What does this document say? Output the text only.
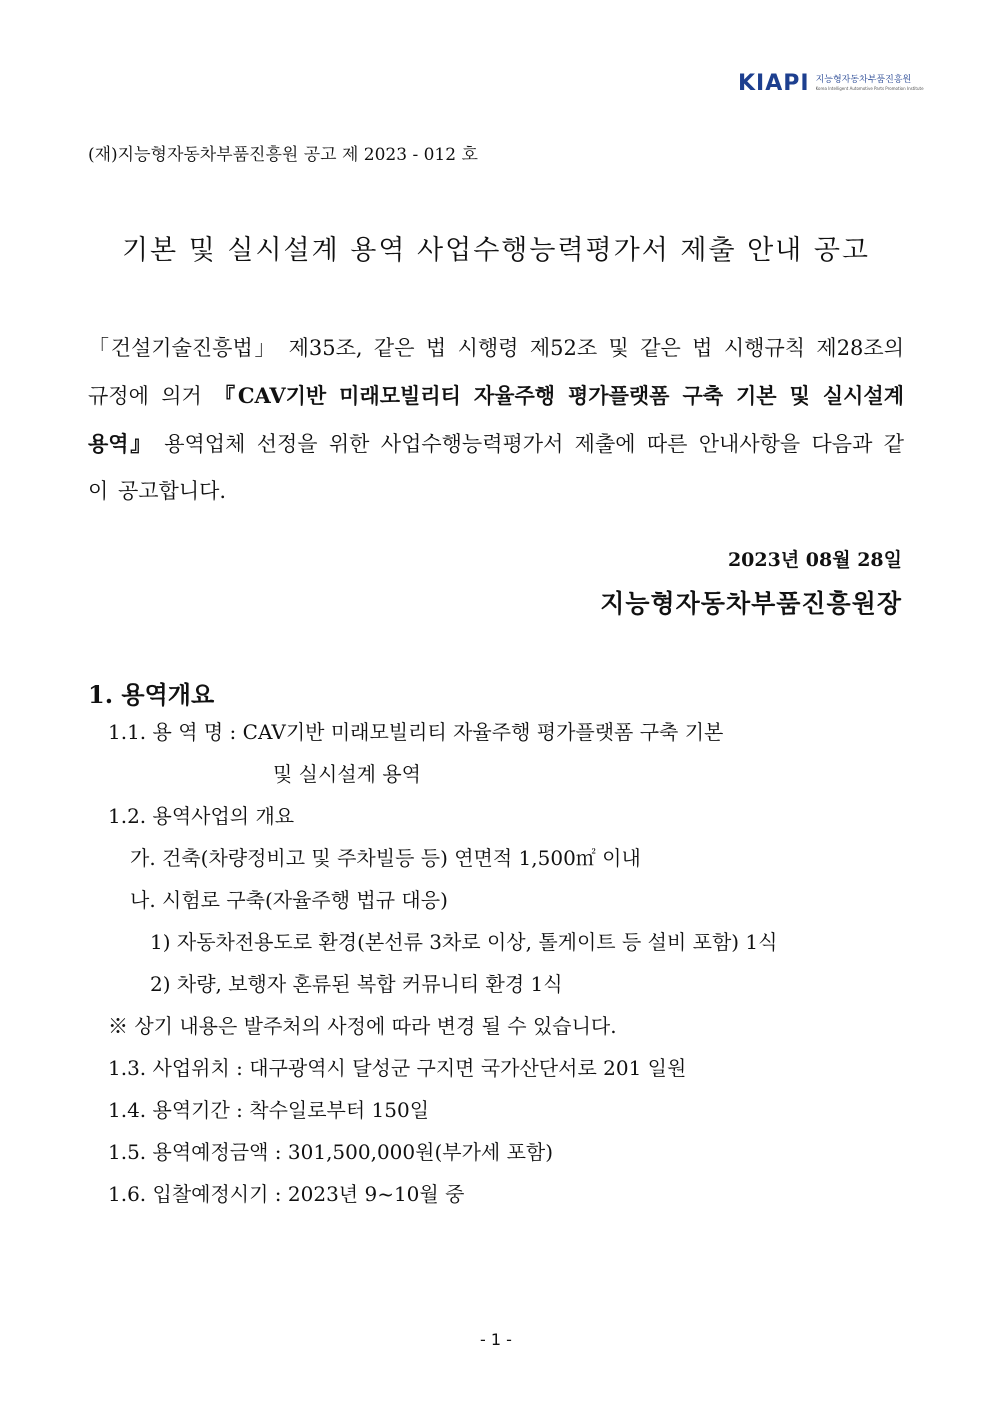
KIAPI 지능형자동차부품진흥원
Korea Intelligent Automotive Parts Promotion Institute
(재)지능형자동차부품진흥원 공고 제 2023 - 012 호
기본 및 실시설계 용역 사업수행능력평가서 제출 안내 공고
「건설기술진흥법」 제35조, 같은 법 시행령 제52조 및 같은 법 시행규칙 제28조의 규정에 의거 『CAV기반 미래모빌리티 자율주행 평가플랫폼 구축 기본 및 실시설계 용역』 용역업체 선정을 위한 사업수행능력평가서 제출에 따른 안내사항을 다음과 같이 공고합니다.
2023년 08월 28일
지능형자동차부품진흥원장
1. 용역개요
1.1. 용 역 명 : CAV기반 미래모빌리티 자율주행 평가플랫폼 구축 기본
및 실시설계 용역
1.2. 용역사업의 개요
가. 건축(차량정비고 및 주차빌등 등) 연면적 1,500㎡ 이내
나. 시험로 구축(자율주행 법규 대응)
1) 자동차전용도로 환경(본선류 3차로 이상, 톨게이트 등 설비 포함) 1식
2) 차량, 보행자 혼류된 복합 커뮤니티 환경 1식
※ 상기 내용은 발주처의 사정에 따라 변경 될 수 있습니다.
1.3. 사업위치 : 대구광역시 달성군 구지면 국가산단서로 201 일원
1.4. 용역기간 : 착수일로부터 150일
1.5. 용역예정금액 : 301,500,000원(부가세 포함)
1.6. 입찰예정시기 : 2023년 9~10월 중
- 1 -
